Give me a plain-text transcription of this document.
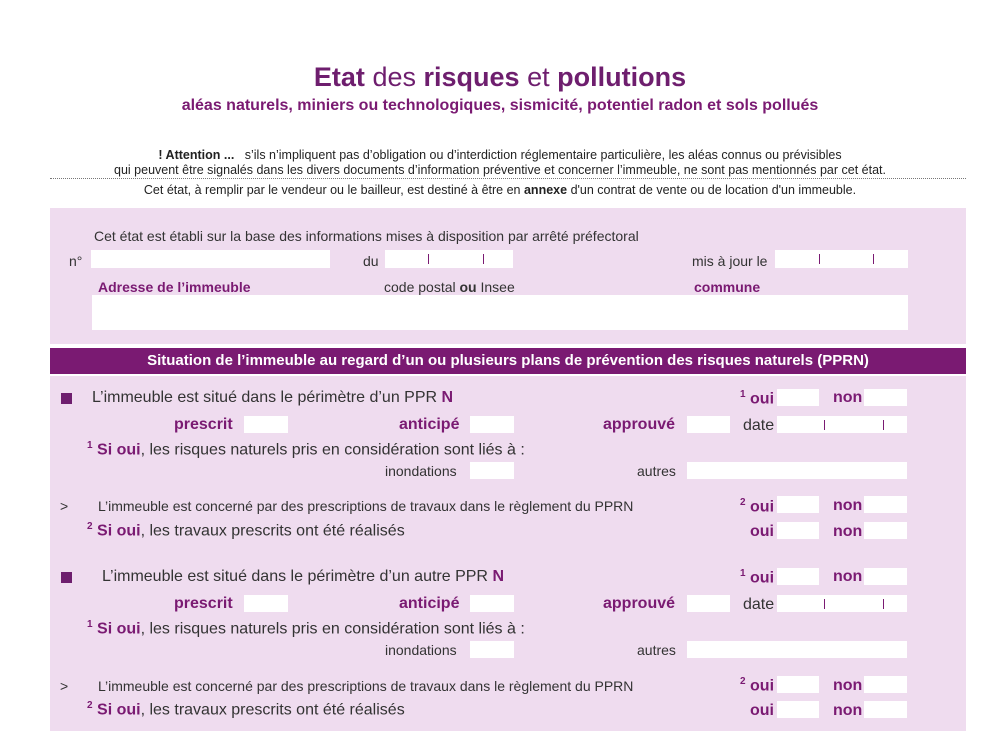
Etat des risques et pollutions
aléas naturels, miniers ou technologiques, sismicité, potentiel radon et sols pollués
! Attention ... s’ils n’impliquent pas d’obligation ou d’interdiction réglementaire particulière, les aléas connus ou prévisibles
qui peuvent être signalés dans les divers documents d’information préventive et concerner l’immeuble, ne sont pas mentionnés par cet état.
Cet état, à remplir par le vendeur ou le bailleur, est destiné à être en annexe d'un contrat de vente ou de location d'un immeuble.
Cet état est établi sur la base des informations mises à disposition par arrêté préfectoral
n°	du	mis à jour le
Adresse de l’immeuble	code postal ou Insee	commune
Situation de l’immeuble au regard d’un ou plusieurs plans de prévention des risques naturels (PPRN)
L’immeuble est situé dans le périmètre d’un PPR N	$^1$ oui	non
prescrit	anticipé	approuvé	date
$^1$ Si oui, les risques naturels pris en considération sont liés à :
inondations	autres
> L’immeuble est concerné par des prescriptions de travaux dans le règlement du PPRN	$^2$ oui	non
$^2$ Si oui, les travaux prescrits ont été réalisés	oui	non
L’immeuble est situé dans le périmètre d’un autre PPR N	$^1$ oui	non
prescrit	anticipé	approuvé	date
$^1$ Si oui, les risques naturels pris en considération sont liés à :
inondations	autres
> L’immeuble est concerné par des prescriptions de travaux dans le règlement du PPRN	$^2$ oui	non
$^2$ Si oui, les travaux prescrits ont été réalisés	oui	non
